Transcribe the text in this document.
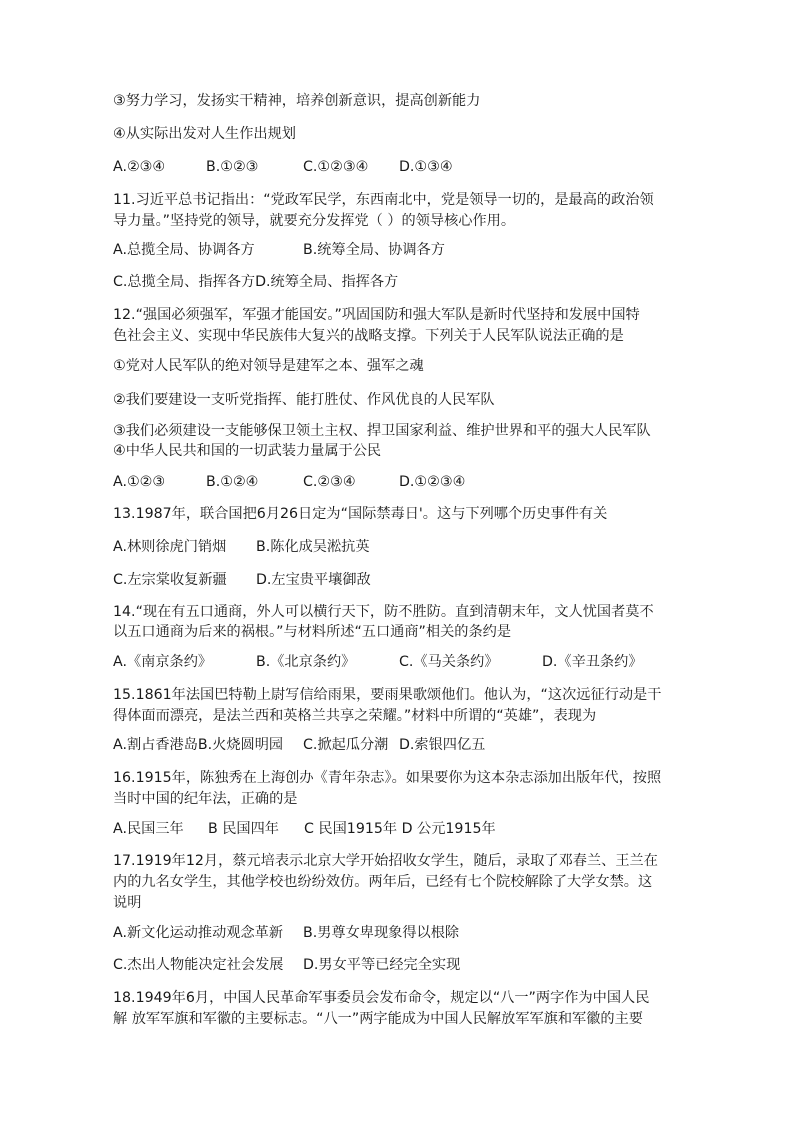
③努力学习，发扬实干精神，培养创新意识，提高创新能力
④从实际出发对人生作出规划
A.②③④	B.①②③	C.①②③④ D.①③④
11.习近平总书记指出：“党政军民学，东西南北中，党是领导一切的，是最高的政治领
导力量。”坚持党的领导，就要充分发挥党（ ）的领导核心作用。
A.总揽全局、协调各方	B.统筹全局、协调各方
C.总揽全局、指挥各方D.统筹全局、指挥各方
12.“强国必须强军，军强才能国安。”巩固国防和强大军队是新时代坚持和发展中国特
色社会主义、实现中华民族伟大复兴的战略支撑。下列关于人民军队说法正确的是
①党对人民军队的绝对领导是建军之本、强军之魂
②我们要建设一支听党指挥、能打胜仗、作风优良的人民军队
③我们必须建设一支能够保卫领土主权、捍卫国家利益、维护世界和平的强大人民军队
④中华人民共和国的一切武装力量属于公民
A.①②③	B.①②④	C.②③④	D.①②③④
13.1987年，联合国把6月26日定为“国际禁毒日'。这与下列哪个历史事件有关
A.林则徐虎门销烟 B.陈化成吴淞抗英
C.左宗棠收复新疆 D.左宝贵平壤御敌
14.“现在有五口通商，外人可以横行天下，防不胜防。直到清朝末年，文人忧国者莫不
以五口通商为后来的祸根。”与材料所述“五口通商”相关的条约是
A.《南京条约》	B.《北京条约》	C.《马关条约》	D.《辛丑条约》
15.1861年法国巴特勒上尉写信给雨果，要雨果歌颂他们。他认为，“这次远征行动是干
得体面而漂亮，是法兰西和英格兰共享之荣耀。”材料中所谓的“英雄”，表现为
A.割占香港岛B.火烧圆明园 C.掀起瓜分潮 D.索银四亿五
16.1915年，陈独秀在上海创办《青年杂志》。如果要你为这本杂志添加出版年代，按照
当时中国的纪年法，正确的是
A.民国三年 B 民国四年 C 民国1915年 D 公元1915年
17.1919年12月，蔡元培表示北京大学开始招收女学生，随后，录取了邓春兰、王兰在
内的九名女学生，其他学校也纷纷效仿。两年后，已经有七个院校解除了大学女禁。这
说明
A.新文化运动推动观念革新 B.男尊女卑现象得以根除
C.杰出人物能决定社会发展 D.男女平等已经完全实现
18.1949年6月，中国人民革命军事委员会发布命令，规定以“八一”两字作为中国人民
解 放军军旗和军徽的主要标志。“八一”两字能成为中国人民解放军军旗和军徽的主要
